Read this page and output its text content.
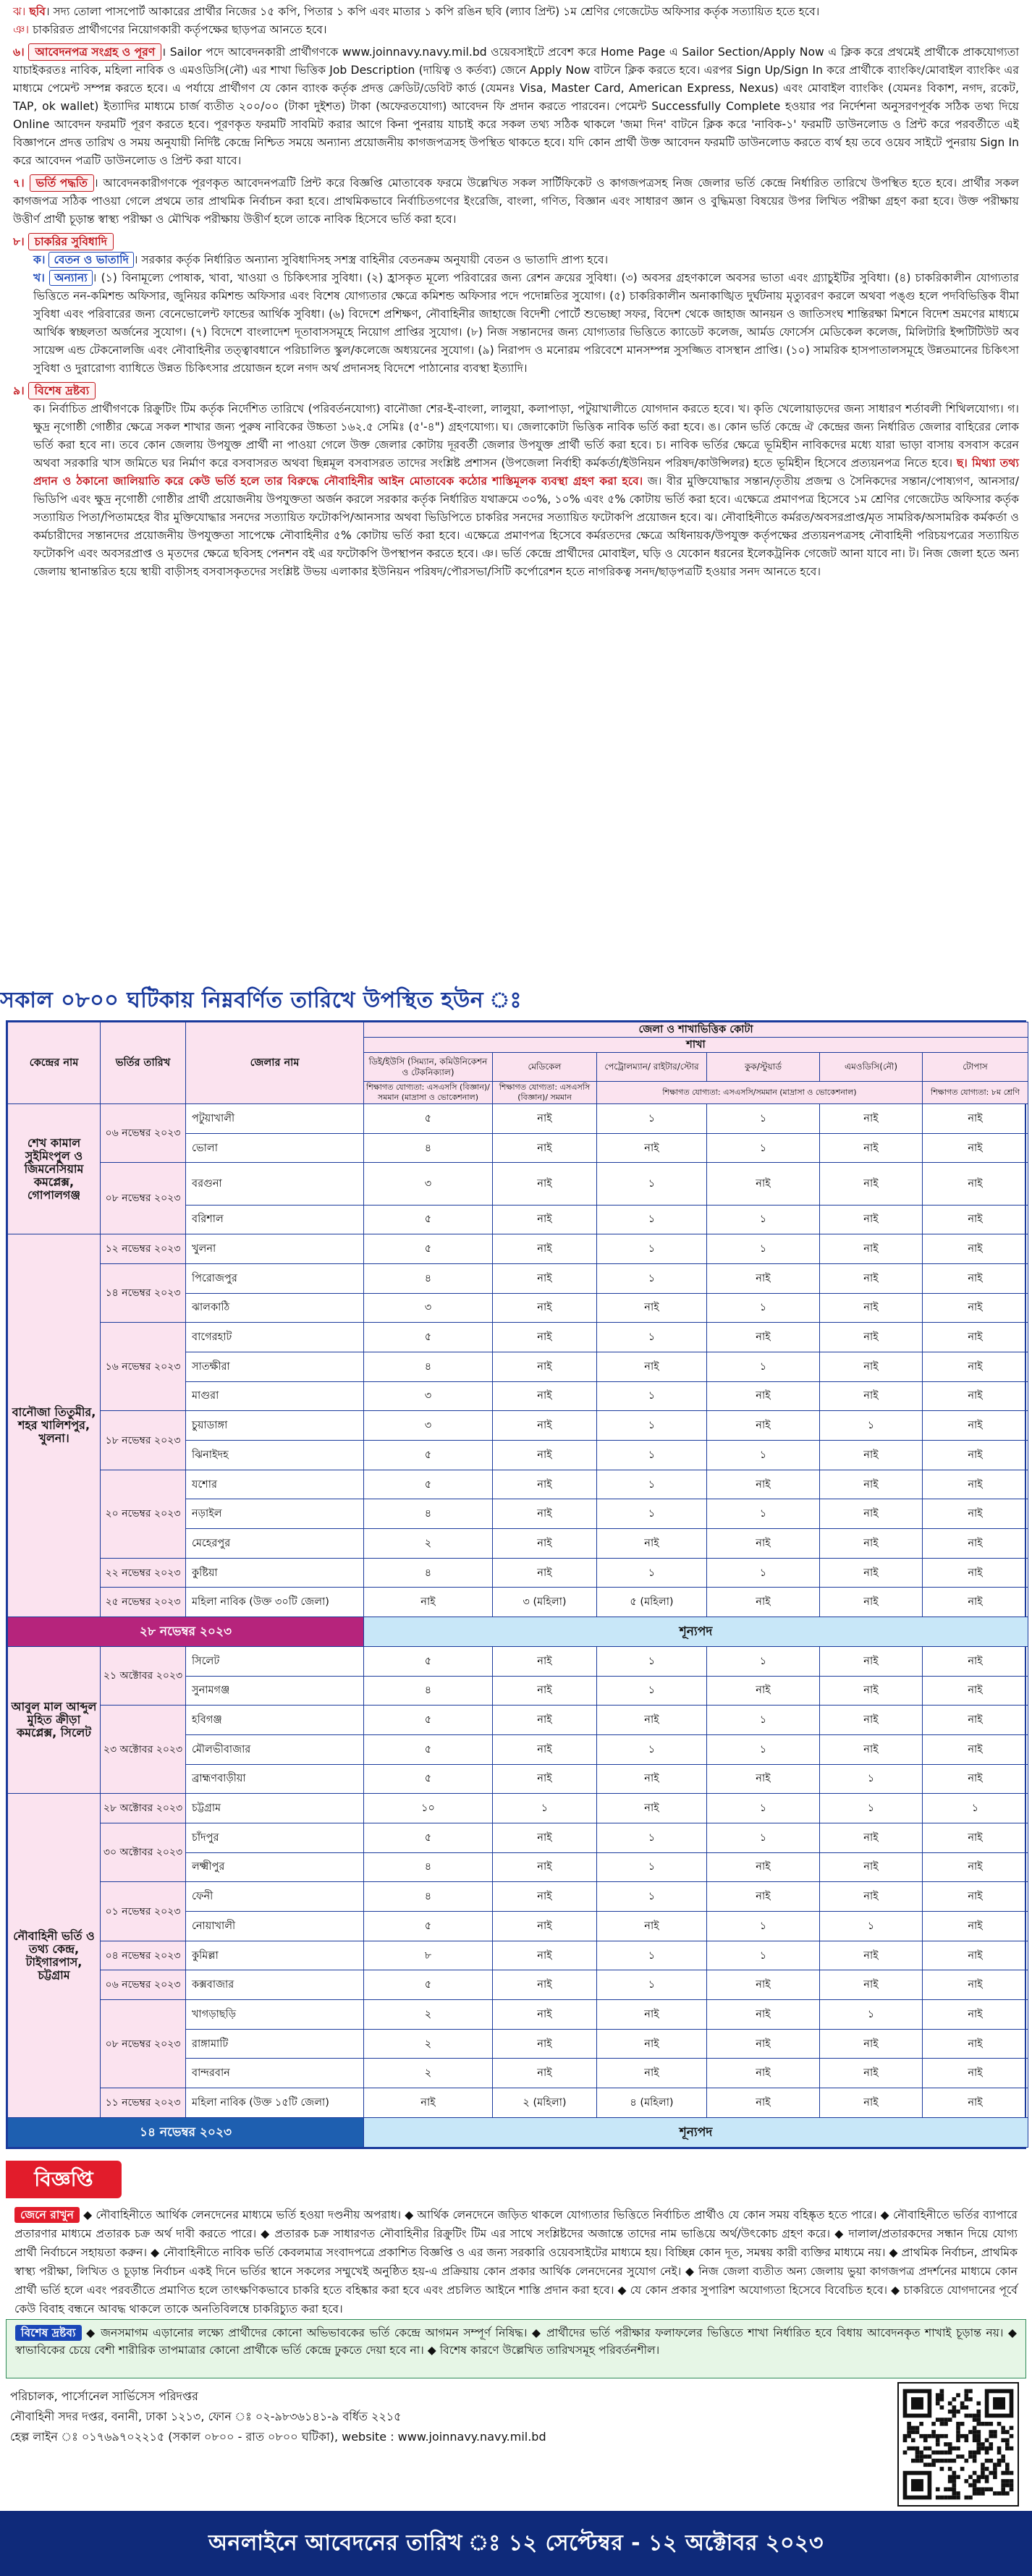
ঝ। ছবি। সদ্য তোলা পাসপোর্ট আকারের প্রার্থীর নিজের ১৫ কপি, পিতার ১ কপি এবং মাতার ১ কপি রঙিন ছবি (ল্যাব প্রিন্ট) ১ম শ্রেণির গেজেটেড অফিসার কর্তৃক সত্যায়িত হতে হবে।
ঞ। চাকরিরত প্রার্থীগণের নিয়োগকারী কর্তৃপক্ষের ছাড়পত্র আনতে হবে।
৬। আবেদনপত্র সংগ্রহ ও পূরণ । Sailor পদে আবেদনকারী প্রার্থীগণকে www.joinnavy.navy.mil.bd ওয়েবসাইটে প্রবেশ করে Home Page এ Sailor Section/Apply Now এ ক্লিক করে প্রথমেই প্রার্থীকে প্রাকযোগ্যতা যাচাইকরতঃ নাবিক, মহিলা নাবিক ও এমওডিসি(নৌ) এর শাখা ভিত্তিক Job Description (দায়িত্ব ও কর্তব্য) জেনে Apply Now বাটনে ক্লিক করতে হবে। এরপর Sign Up/Sign In করে প্রার্থীকে ব্যাংকিং/মোবাইল ব্যাংকিং এর মাধ্যমে পেমেন্ট সম্পন্ন করতে হবে। এ পর্যায়ে প্রার্থীগণ যে কোন ব্যাংক কর্তৃক প্রদত্ত ক্রেডিট/ডেবিট কার্ড (যেমনঃ Visa, Master Card, American Express, Nexus) এবং মোবাইল ব্যাংকিং (যেমনঃ বিকাশ, নগদ, রকেট, TAP, ok wallet) ইত্যাদির মাধ্যমে চার্জ ব্যতীত ২০০/০০ (টাকা দুইশত) টাকা (অফেরতযোগ্য) আবেদন ফি প্রদান করতে পারবেন। পেমেন্ট Successfully Complete হওয়ার পর নির্দেশনা অনুসরণপূর্বক সঠিক তথ্য দিয়ে Online আবেদন ফরমটি পূরণ করতে হবে। পূরণকৃত ফরমটি সাবমিট করার আগে কিনা পুনরায় যাচাই করে সকল তথ্য সঠিক থাকলে 'জমা দিন' বাটনে ক্লিক করে 'নাবিক-১' ফরমটি ডাউনলোড ও প্রিন্ট করে পরবর্তীতে এই বিজ্ঞাপনে প্রদত্ত তারিখ ও সময় অনুযায়ী নির্দিষ্ট কেন্দ্রে নিশ্চিত সময়ে অন্যান্য প্রয়োজনীয় কাগজপত্রসহ উপস্থিত থাকতে হবে। যদি কোন প্রার্থী উক্ত আবেদন ফরমটি ডাউনলোড করতে ব্যর্থ হয় তবে ওয়েব সাইটে পুনরায় Sign In করে আবেদন পত্রটি ডাউনলোড ও প্রিন্ট করা যাবে।
৭। ভর্তি পদ্ধতি । আবেদনকারীগণকে পূরণকৃত আবেদনপত্রটি প্রিন্ট করে বিজ্ঞপ্তি মোতাবেক ফরমে উল্লেখিত সকল সার্টিফিকেট ও কাগজপত্রসহ নিজ জেলার ভর্তি কেন্দ্রে নির্ধারিত তারিখে উপস্থিত হতে হবে। প্রার্থীর সকল কাগজপত্র সঠিক পাওয়া গেলে প্রথমে তার প্রাথমিক নির্বাচন করা হবে। প্রাথমিকভাবে নির্বাচিতগণের ইংরেজি, বাংলা, গণিত, বিজ্ঞান এবং সাধারণ জ্ঞান ও বুদ্ধিমত্তা বিষয়ের উপর লিখিত পরীক্ষা গ্রহণ করা হবে। উক্ত পরীক্ষায় উত্তীর্ণ প্রার্থী চূড়ান্ত স্বাস্থ্য পরীক্ষা ও মৌখিক পরীক্ষায় উত্তীর্ণ হলে তাকে নাবিক হিসেবে ভর্তি করা হবে।
৮। চাকরির সুবিধাদি
ক। বেতন ও ভাতাদি । সরকার কর্তৃক নির্ধারিত অন্যান্য সুবিধাদিসহ সশস্ত্র বাহিনীর বেতনক্রম অনুযায়ী বেতন ও ভাতাদি প্রাপ্য হবে।
খ। অন্যান্য । (১) বিনামূল্যে পোষাক, খাবা, খাওয়া ও চিকিৎসার সুবিধা। (২) হ্রাসকৃত মূল্যে পরিবারের জন্য রেশন ক্রয়ের সুবিধা। (৩) অবসর গ্রহণকালে অবসর ভাতা এবং গ্র্যাচুইটির সুবিধা। (৪) চাকরিকালীন যোগ্যতার ভিত্তিতে নন-কমিশন্ড অফিসার, জুনিয়র কমিশন্ড অফিসার এবং বিশেষ যোগ্যতার ক্ষেত্রে কমিশন্ড অফিসার পদে পদোন্নতির সুযোগ। (৫) চাকরিকালীন অনাকাঙ্খিত দুর্ঘটনায় মৃত্যুবরণ করলে অথবা পঙ্গু হলে পদবিভিত্তিক বীমা সুবিধা এবং পরিবারের জন্য বেনেভোলেন্ট ফান্ডের আর্থিক সুবিধা। (৬) বিদেশে প্রশিক্ষণ, নৌবাহিনীর জাহাজে বিদেশী পোর্টে শুভেচ্ছা সফর, বিদেশ থেকে জাহাজ আনয়ন ও জাতিসংঘ শান্তিরক্ষা মিশনে বিদেশ ভ্রমণের মাধ্যমে আর্থিক স্বচ্ছলতা অর্জনের সুযোগ। (৭) বিদেশে বাংলাদেশ দূতাবাসসমূহে নিয়োগ প্রাপ্তির সুযোগ। (৮) নিজ সন্তানদের জন্য যোগ্যতার ভিত্তিতে ক্যাডেট কলেজ, আর্মড ফোর্সেস মেডিকেল কলেজ, মিলিটারি ইন্সটিটিউট অব সায়েন্স এন্ড টেকনোলজি এবং নৌবাহিনীর তত্ত্বাবধানে পরিচালিত স্কুল/কলেজে অধ্যয়নের সুযোগ। (৯) নিরাপদ ও মনোরম পরিবেশে মানসম্পন্ন সুসজ্জিত বাসস্থান প্রাপ্তি। (১০) সামরিক হাসপাতালসমূহে উন্নতমানের চিকিৎসা সুবিধা ও দুরারোগ্য ব্যাধিতে উন্নত চিকিৎসার প্রয়োজন হলে নগদ অর্থ প্রদানসহ বিদেশে পাঠানোর ব্যবস্থা ইত্যাদি।
৯। বিশেষ দ্রষ্টব্য
ক। নির্বাচিত প্রার্থীগণকে রিক্রুটিং টিম কর্তৃক নির্দেশিত তারিখে (পরিবর্তনযোগ্য) বানৌজা শের-ই-বাংলা, লালুয়া, কলাপাড়া, পটুয়াখালীতে যোগদান করতে হবে। খ। কৃতি খেলোয়াড়দের জন্য সাধারণ শর্তাবলী শিথিলযোগ্য। গ। ক্ষুদ্র নৃগোষ্ঠী গোষ্ঠীর ক্ষেত্রে সকল শাখার জন্য পুরুষ নাবিকের উচ্চতা ১৬২.৫ সেমিঃ (৫'-৪") গ্রহণযোগ্য। ঘ। জেলাকোটা ভিত্তিক নাবিক ভর্তি করা হবে। ঙ। কোন ভর্তি কেন্দ্রে ঐ কেন্দ্রের জন্য নির্ধারিত জেলার বাহিরের লোক ভর্তি করা হবে না। তবে কোন জেলায় উপযুক্ত প্রার্থী না পাওয়া গেলে উক্ত জেলার কোটায় দূরবর্তী জেলার উপযুক্ত প্রার্থী ভর্তি করা হবে। চ। নাবিক ভর্তির ক্ষেত্রে ভূমিহীন নাবিকদের মধ্যে যারা ভাড়া বাসায় বসবাস করেন অথবা সরকারি খাস জমিতে ঘর নির্মাণ করে বসবাসরত অথবা ছিন্নমূল বসবাসরত তাদের সংশ্লিষ্ট প্রশাসন (উপজেলা নির্বাহী কর্মকর্তা/ইউনিয়ন পরিষদ/কাউন্সিলর) হতে ভূমিহীন হিসেবে প্রত্যয়নপত্র নিতে হবে। ছ। মিথ্যা তথ্য প্রদান ও ঠকানো জালিয়াতি করে কেউ ভর্তি হলে তার বিরুদ্ধে নৌবাহিনীর আইন মোতাবেক কঠোর শাস্তিমূলক ব্যবস্থা গ্রহণ করা হবে। জ। বীর মুক্তিযোদ্ধার সন্তান/তৃতীয় প্রজন্ম ও সৈনিকদের সন্তান/পোষ্যগণ, আনসার/ভিডিপি এবং ক্ষুদ্র নৃগোষ্ঠী গোষ্ঠীর প্রার্থী প্রয়োজনীয় উপযুক্ততা অর্জন করলে সরকার কর্তৃক নির্ধারিত যথাক্রমে ৩০%, ১০% এবং ৫% কোটায় ভর্তি করা হবে। এক্ষেত্রে প্রমাণপত্র হিসেবে ১ম শ্রেণির গেজেটেড অফিসার কর্তৃক সত্যায়িত পিতা/পিতামহের বীর মুক্তিযোদ্ধার সনদের সত্যায়িত ফটোকপি/আনসার অথবা ভিডিপিতে চাকরির সনদের সত্যায়িত ফটোকপি প্রয়োজন হবে। ঝ। নৌবাহিনীতে কর্মরত/অবসরপ্রাপ্ত/মৃত সামরিক/অসামরিক কর্মকর্তা ও কর্মচারীদের সন্তানদের প্রয়োজনীয় উপযুক্ততা সাপেক্ষে নৌবাহিনীর ৫% কোটায় ভর্তি করা হবে। এক্ষেত্রে প্রমাণপত্র হিসেবে কর্মরতদের ক্ষেত্রে অধিনায়ক/উপযুক্ত কর্তৃপক্ষের প্রত্যয়নপত্রসহ নৌবাহিনী পরিচয়পত্রের সত্যায়িত ফটোকপি এবং অবসরপ্রাপ্ত ও মৃতদের ক্ষেত্রে ছবিসহ পেনশন বই এর ফটোকপি উপস্থাপন করতে হবে। ঞ। ভর্তি কেন্দ্রে প্রার্থীদের মোবাইল, ঘড়ি ও যেকোন ধরনের ইলেকট্রনিক গেজেট আনা যাবে না। ট। নিজ জেলা হতে অন্য জেলায় স্থানান্তরিত হয়ে স্থায়ী বাড়ীসহ বসবাসকৃতদের সংশ্লিষ্ট উভয় এলাকার ইউনিয়ন পরিষদ/পৌরসভা/সিটি কর্পোরেশন হতে নাগরিকত্ব সনদ/ছাড়পত্রটি হওয়ার সনদ আনতে হবে।
সকাল ০৮০০ ঘটিকায় নিম্নবর্ণিত তারিখে উপস্থিত হউন ঃ
কেন্দ্রের নাম	ভর্তির তারিখ	জেলার নাম	জেলা ও শাখাভিত্তিক কোটা					
			শাখা					
			ডিই/ইউসি (সিম্যান, কমিউনিকেশন ও টেকনিক্যাল)	মেডিকেল	পেট্রোলম্যান/ রাইটার/স্টোর	কুক/স্টুয়ার্ড	এমওডিসি(নৌ)	টোপাস
			শিক্ষাগত যোগ্যতা: এসএসসি (বিজ্ঞান)/সমমান (মাদ্রাসা ও ভোকেশনাল)	শিক্ষাগত যোগ্যতা: এসএসসি (বিজ্ঞান)/ সমমান	শিক্ষাগত যোগ্যতা: এসএসসি/সমমান (মাদ্রাসা ও ভোকেশনাল)			শিক্ষাগত যোগ্যতা: ৮ম শ্রেণি
শেখ কামাল সুইমিংপুল ও জিমনেসিয়াম কমপ্লেক্স, গোপালগঞ্জ	০৬ নভেম্বর ২০২৩	পটুয়াখালী	৫	নাই	১	১	নাই	নাই
		ভোলা	৪	নাই	নাই	১	নাই	নাই
	০৮ নভেম্বর ২০২৩	বরগুনা	৩	নাই	১	নাই	নাই	নাই
		বরিশাল	৫	নাই	১	১	নাই	নাই
বানৌজা তিতুমীর, শহর খালিশপুর, খুলনা।	১২ নভেম্বর ২০২৩	খুলনা	৫	নাই	১	১	নাই	নাই
	১৪ নভেম্বর ২০২৩	পিরোজপুর	৪	নাই	১	নাই	নাই	নাই
		ঝালকাঠি	৩	নাই	নাই	১	নাই	নাই
	১৬ নভেম্বর ২০২৩	বাগেরহাট	৫	নাই	১	নাই	নাই	নাই
		সাতক্ষীরা	৪	নাই	নাই	১	নাই	নাই
		মাগুরা	৩	নাই	১	নাই	নাই	নাই
	১৮ নভেম্বর ২০২৩	চুয়াডাঙ্গা	৩	নাই	১	নাই	১	নাই
		ঝিনাইদহ	৫	নাই	১	১	নাই	নাই
	২০ নভেম্বর ২০২৩	যশোর	৫	নাই	১	নাই	নাই	নাই
		নড়াইল	৪	নাই	১	১	নাই	নাই
		মেহেরপুর	২	নাই	নাই	নাই	নাই	নাই
	২২ নভেম্বর ২০২৩	কুষ্টিয়া	৪	নাই	১	১	নাই	নাই
	২৫ নভেম্বর ২০২৩	মহিলা নাবিক (উক্ত ৩০টি জেলা)	নাই	৩ (মহিলা)	৫ (মহিলা)	নাই	নাই	নাই
২৮ নভেম্বর ২০২৩			শূন্যপদ					
আবুল মাল আব্দুল মুহিত ক্রীড়া কমপ্লেক্স, সিলেট	২১ অক্টোবর ২০২৩	সিলেট	৫	নাই	১	১	নাই	নাই
		সুনামগঞ্জ	৪	নাই	১	নাই	নাই	নাই
	২৩ অক্টোবর ২০২৩	হবিগঞ্জ	৫	নাই	নাই	১	নাই	নাই
		মৌলভীবাজার	৫	নাই	১	১	নাই	নাই
		ব্রাহ্মণবাড়ীয়া	৫	নাই	নাই	নাই	১	নাই
নৌবাহিনী ভর্তি ও তথ্য কেন্দ্র, টাইগারপাস, চট্টগ্রাম	২৮ অক্টোবর ২০২৩	চট্টগ্রাম	১০	১	নাই	১	১	১
	৩০ অক্টোবর ২০২৩	চাঁদপুর	৫	নাই	১	১	নাই	নাই
		লক্ষ্মীপুর	৪	নাই	১	নাই	নাই	নাই
	০১ নভেম্বর ২০২৩	ফেনী	৪	নাই	১	নাই	নাই	নাই
		নোয়াখালী	৫	নাই	নাই	১	১	নাই
	০৪ নভেম্বর ২০২৩	কুমিল্লা	৮	নাই	১	১	নাই	নাই
	০৬ নভেম্বর ২০২৩	কক্সবাজার	৫	নাই	১	নাই	নাই	নাই
	০৮ নভেম্বর ২০২৩	খাগড়াছড়ি	২	নাই	নাই	নাই	১	নাই
		রাঙ্গামাটি	২	নাই	নাই	নাই	নাই	নাই
		বান্দরবান	২	নাই	নাই	নাই	নাই	নাই
	১১ নভেম্বর ২০২৩	মহিলা নাবিক (উক্ত ১৫টি জেলা)	নাই	২ (মহিলা)	৪ (মহিলা)	নাই	নাই	নাই
১৪ নভেম্বর ২০২৩			শূন্যপদ					
বিজ্ঞপ্তি
জেনে রাখুন ◆ নৌবাহিনীতে আর্থিক লেনদেনের মাধ্যমে ভর্তি হওয়া দণ্ডনীয় অপরাধ। ◆ আর্থিক লেনদেনে জড়িত থাকলে যোগ্যতার ভিত্তিতে নির্বাচিত প্রার্থীও যে কোন সময় বহিষ্কৃত হতে পারে। ◆ নৌবাহিনীতে ভর্তির ব্যাপারে প্রতারণার মাধ্যমে প্রতারক চক্র অর্থ দাবী করতে পারে। ◆ প্রতারক চক্র সাধারণত নৌবাহিনীর রিক্রুটিং টিম এর সাথে সংশ্লিষ্টদের অজান্তে তাদের নাম ভাঙিয়ে অর্থ/উৎকোচ গ্রহণ করে। ◆ দালাল/প্রতারকদের সন্ধান দিয়ে যোগ্য প্রার্থী নির্বাচনে সহায়তা করুন। ◆ নৌবাহিনীতে নাবিক ভর্তি কেবলমাত্র সংবাদপত্রে প্রকাশিত বিজ্ঞপ্তি ও এর জন্য সরকারি ওয়েবসাইটের মাধ্যমে হয়। বিচ্ছিন্ন কোন দূত, সমন্বয় কারী ব্যক্তির মাধ্যমে নয়। ◆ প্রাথমিক নির্বাচন, প্রাথমিক স্বাস্থ্য পরীক্ষা, লিখিত ও চূড়ান্ত নির্বাচন একই দিনে ভর্তির স্থানে সকলের সম্মুখেই অনুষ্ঠিত হয়-এ প্রক্রিয়ায় কোন প্রকার আর্থিক লেনদেনের সুযোগ নেই। ◆ নিজ জেলা ব্যতীত অন্য জেলায় ভুয়া কাগজপত্র প্রদর্শনের মাধ্যমে কোন প্রার্থী ভর্তি হলে এবং পরবর্তীতে প্রমাণিত হলে তাৎক্ষণিকভাবে চাকরি হতে বহিষ্কার করা হবে এবং প্রচলিত আইনে শাস্তি প্রদান করা হবে। ◆ যে কোন প্রকার সুপারিশ অযোগ্যতা হিসেবে বিবেচিত হবে। ◆ চাকরিতে যোগদানের পূর্বে কেউ বিবাহ বন্ধনে আবদ্ধ থাকলে তাকে অনতিবিলম্বে চাকরিচ্যুত করা হবে।
বিশেষ দ্রষ্টব্য ◆ জনসমাগম এড়ানোর লক্ষ্যে প্রার্থীদের কোনো অভিভাবকের ভর্তি কেন্দ্রে আগমন সম্পূর্ণ নিষিদ্ধ। ◆ প্রার্থীদের ভর্তি পরীক্ষার ফলাফলের ভিত্তিতে শাখা নির্ধারিত হবে বিধায় আবেদনকৃত শাখাই চূড়ান্ত নয়। ◆ স্বাভাবিকের চেয়ে বেশী শারীরিক তাপমাত্রার কোনো প্রার্থীকে ভর্তি কেন্দ্রে ঢুকতে দেয়া হবে না। ◆ বিশেষ কারণে উল্লেখিত তারিখসমূহ পরিবর্তনশীল।
পরিচালক, পার্সোনেল সার্ভিসেস পরিদপ্তর
নৌবাহিনী সদর দপ্তর, বনানী, ঢাকা ১২১৩, ফোন ঃ ০২-৯৮৩৬১৪১-৯ বর্ধিত ২২১৫
হেল্প লাইন ঃ ০১৭৬৯৭০২২১৫ (সকাল ০৮০০ - রাত ০৮০০ ঘটিকা), website : www.joinnavy.navy.mil.bd
অনলাইনে আবেদনের তারিখ ঃ ১২ সেপ্টেম্বর - ১২ অক্টোবর ২০২৩
